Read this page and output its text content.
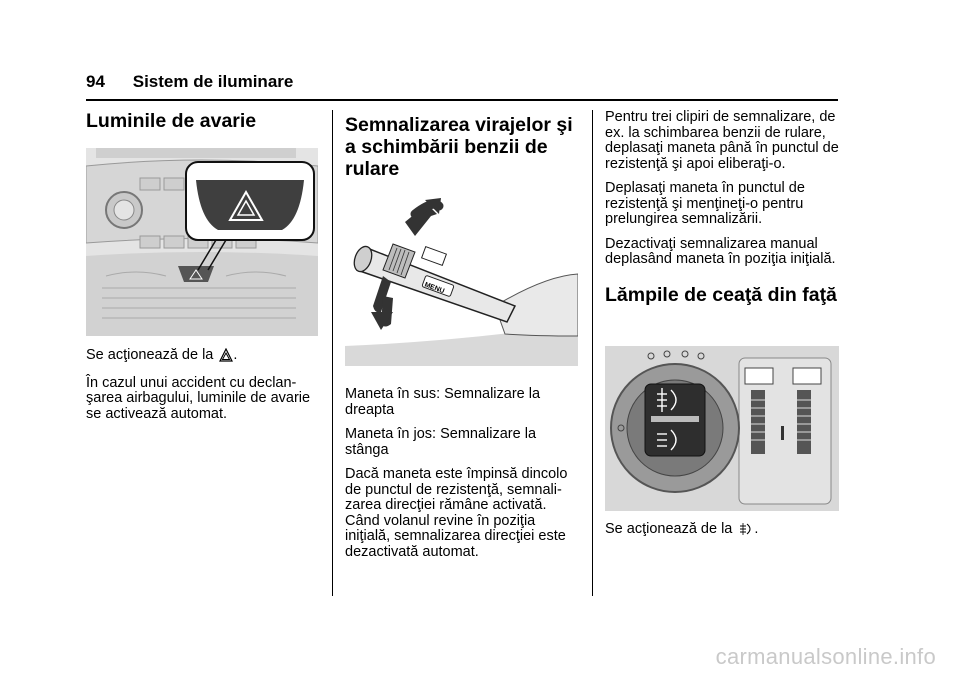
94 Sistem de iluminare
Luminile de avarie

Se acţionează de la .

În cazul unui accident cu declan-şarea airbagului, luminile de avarie se activează automat.

Semnalizarea virajelor şi
a schimbării benzii de
rulare
MENU

Maneta în sus: Semnalizare la dreapta

Maneta în jos: Semnalizare la stânga

Dacă maneta este împinsă dincolo de punctul de rezistenţă, semnali-zarea direcţiei rămâne activată. Când volanul revine în poziţia iniţială, semnalizarea direcţiei este dezactivată automat.

Pentru trei clipiri de semnalizare, de ex. la schimbarea benzii de rulare, deplasaţi maneta până în punctul de rezistenţă şi apoi eliberaţi-o.

Deplasaţi maneta în punctul de rezistenţă şi menţineţi-o pentru prelungirea semnalizării.

Dezactivaţi semnalizarea manual deplasând maneta în poziţia iniţială.

Lămpile de ceaţă din faţă

Se acţionează de la .

carmanualsonline.info
